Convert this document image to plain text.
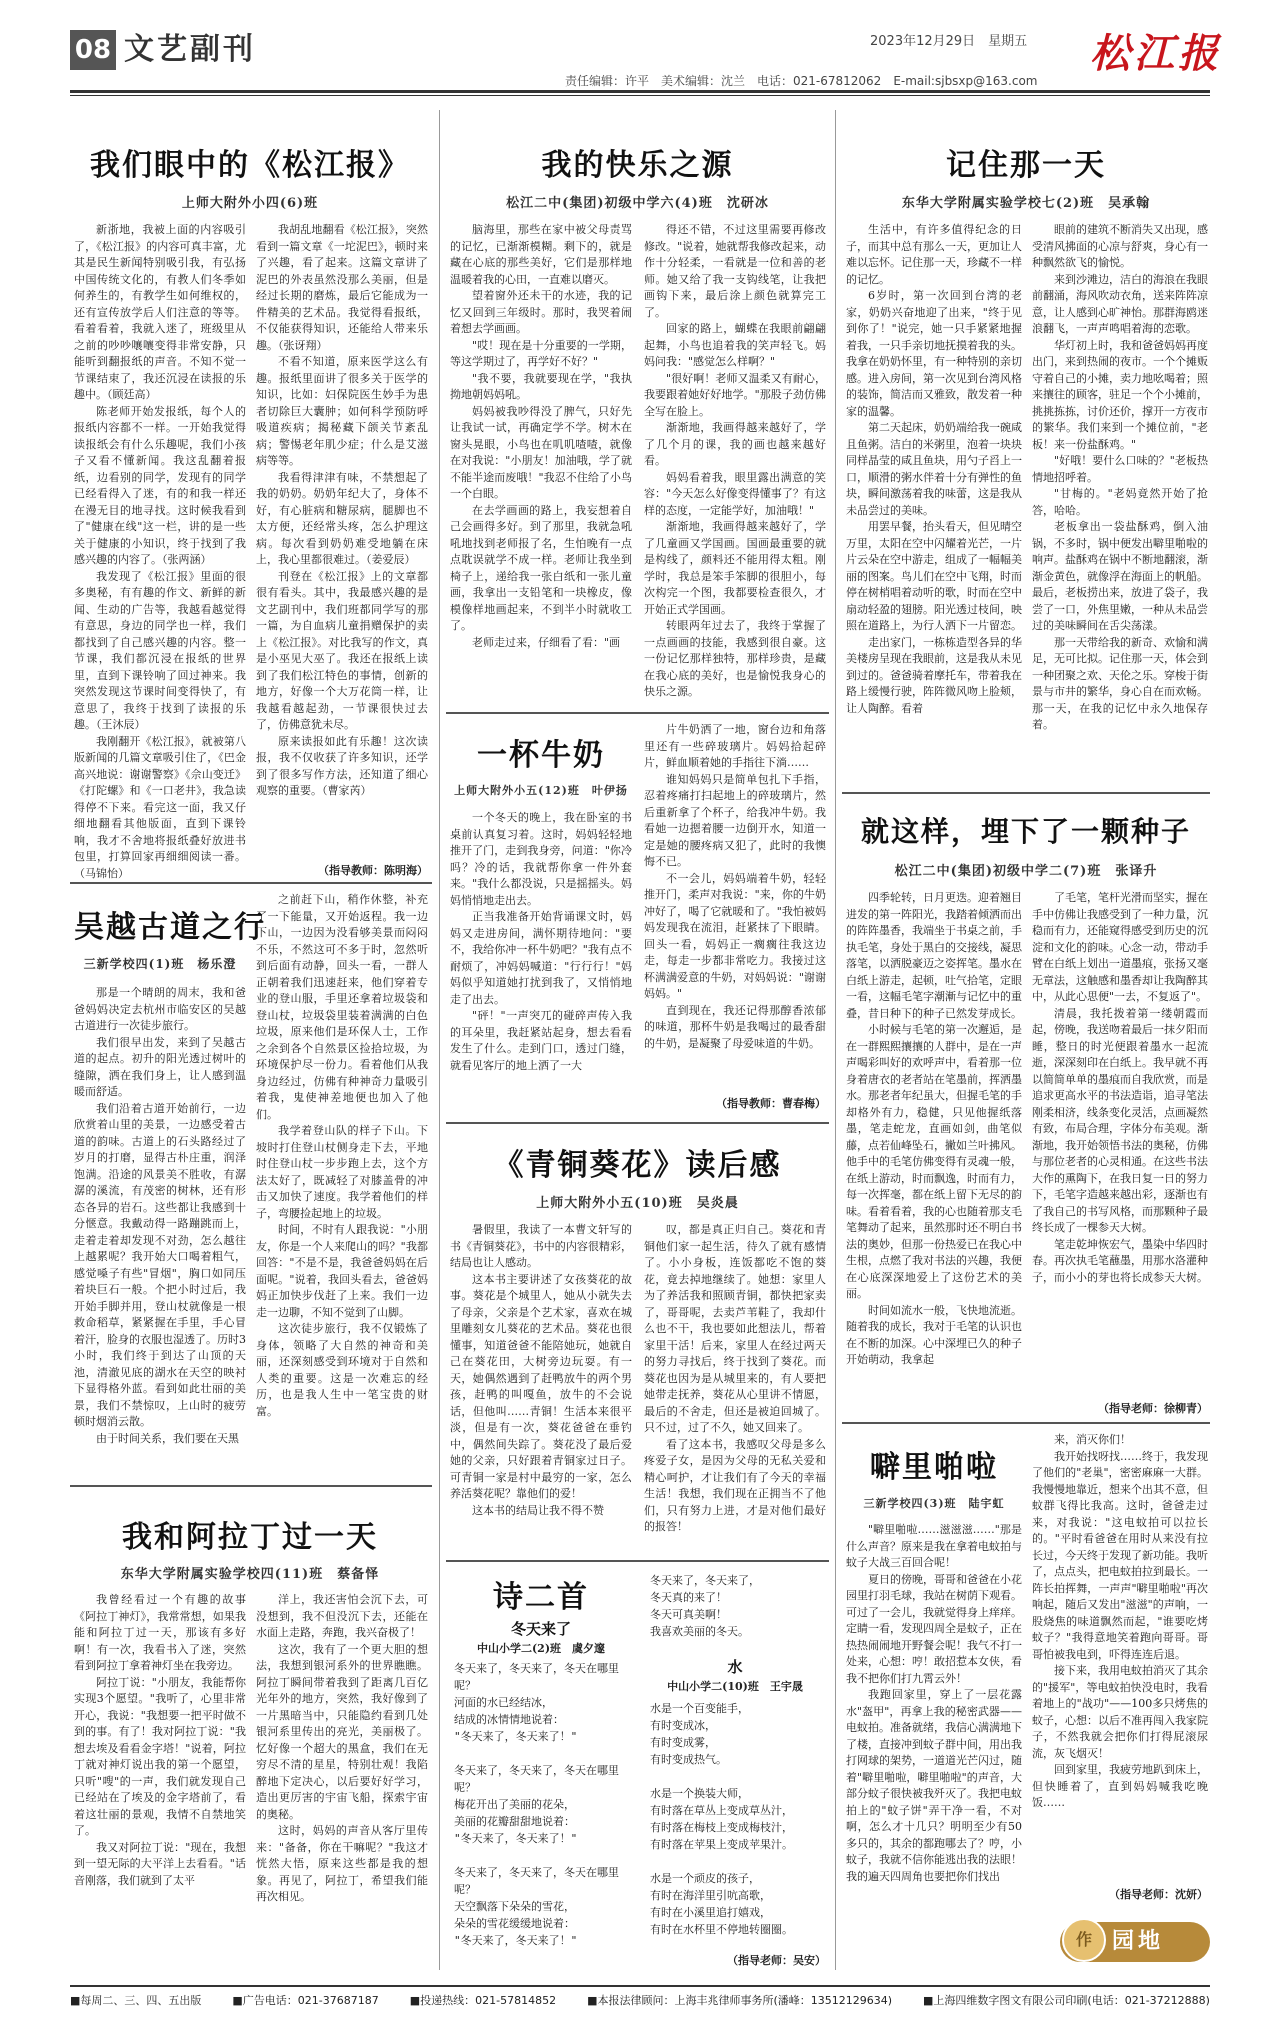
08 文艺副刊	2023年12月29日　星期五 松江报
责任编辑：许平　美术编辑：沈兰　电话：021-67812062　E-mail:sjbsxp@163.com
我们眼中的《松江报》
上师大附外小四(6)班

新浙地，我被上面的内容吸引了，《松江报》的内容可真丰富，尤其是民生新闻特别吸引我，有弘扬中国传统文化的，有教人们冬季如何养生的，有教学生如何维权的，还有宣传放学后人们注意的等等。看着看着，我就入迷了，班级里从之前的吵吵嚷嚷变得非常安静，只能听到翻报纸的声音。不知不觉一节课结束了，我还沉浸在读报的乐趣中。（顾廷高）

陈老师开始发报纸，每个人的报纸内容都不一样。一开始我觉得读报纸会有什么乐趣呢，我们小孩子又看不懂新闻。我这乱翻着报纸，边看别的同学，发现有的同学已经看得入了迷，有的和我一样还在漫无目的地寻找。这时候我看到了"健康在线"这一栏，讲的是一些关于健康的小知识，终于找到了我感兴趣的内容了。（张两涵）

我发现了《松江报》里面的很多奥秘，有有趣的作文、新鲜的新闻、生动的广告等，我越看越觉得有意思，身边的同学也一样，我们都找到了自己感兴趣的内容。整一节课，我们都沉浸在报纸的世界里，直到下课铃响了回过神来。我突然发现这节课时间变得快了，有意思了，我终于找到了读报的乐趣。（王沐辰）

我刚翻开《松江报》，就被第八版新闻的几篇文章吸引住了，《巴金高兴地说：谢谢警察》《佘山变迁》《打陀螺》和《一口老井》，我急读得停不下来。看完这一面，我又仔细地翻看其他版面，直到下课铃响，我才不舍地将报纸叠好放进书包里，打算回家再细细阅读一番。（马锦怡）

我胡乱地翻看《松江报》，突然看到一篇文章《一坨泥巴》，顿时来了兴趣，看了起来。这篇文章讲了泥巴的外表虽然没那么美丽，但是经过长期的磨炼，最后它能成为一件精美的艺术品。我觉得看报纸，不仅能获得知识，还能给人带来乐趣。（张讶翔）

不看不知道，原来医学这么有趣。报纸里面讲了很多关于医学的知识，比如：妇保院医生妙手为患者切除巨大囊肿；如何科学预防呼吸道疾病；揭秘藏下颌关节紊乱病；警惕老年肌少症；什么是艾滋病等等。

我看得津津有味，不禁想起了我的奶奶。奶奶年纪大了，身体不好，有心脏病和糖尿病，腿脚也不太方便，还经常头疼，怎么护理这病。每次看到奶奶难受地躺在床上，我心里都很难过。（姜爱辰）

刊登在《松江报》上的文章都很有看头。其中，我最感兴趣的是文艺副刊中，我们班都同学写的那一篇，为自血病儿童捐赠保护的卖上《松江报》。对比我写的作文，真是小巫见大巫了。我还在报纸上读到了我们松江特色的事情，创新的地方，好像一个大万花筒一样，让我越看越起劲，一节课很快过去了，仿佛意犹未尽。

原来读报如此有乐趣！这次读报，我不仅收获了许多知识，还学到了很多写作方法，还知道了细心观察的重要。（曹家芮）

（指导教师：陈明海）
吴越古道之行
三新学校四(1)班　杨乐澄

那是一个晴朗的周末，我和爸爸妈妈决定去杭州市临安区的吴越古道进行一次徒步旅行。

我们很早出发，来到了吴越古道的起点。初升的阳光透过树叶的缝隙，洒在我们身上，让人感到温暖而舒适。

我们沿着古道开始前行，一边欣赏着山里的美景，一边感受着古道的韵味。古道上的石头路经过了岁月的打磨，显得古朴庄重，润泽饱满。沿途的风景美不胜收，有潺潺的溪流，有茂密的树林，还有形态各异的岩石。这些都让我感到十分惬意。我戴动得一路蹦跳而上，走着走着却发现不对劲，怎么越往上越累呢？我开始大口喝着粗气，感觉嗓子有些"冒烟"，胸口如同压着块巨石一般。个把小时过后，我开始手脚并用，登山杖就像是一根救命稻草，紧紧握在手里，手心冒着汗，脸身的衣服也湿透了。历时3小时，我们终于到达了山顶的天池，清澈见底的湖水在天空的映衬下显得格外蓝。看到如此壮丽的美景，我们不禁惊叹，上山时的疲劳顿时烟消云散。

由于时间关系，我们要在天黑

之前赶下山，稍作休整，补充了一下能量，又开始返程。我一边下山，一边因为没看够美景而闷闷不乐，不然这可不多于时，忽然听到后面有动静，回头一看，一群人正朝着我们迅速赶来，他们穿着专业的登山服，手里还拿着垃圾袋和登山杖，垃圾袋里装着满满的白色垃圾，原来他们是环保人士，工作之余到各个自然景区捡拾垃圾，为环境保护尽一份力。看着他们从我身边经过，仿佛有种神奇力量吸引着我，鬼使神差地便也加入了他们。

我学着登山队的样子下山。下坡时打住登山杖侧身走下去，平地时住登山杖一步步跑上去，这个方法太好了，既减轻了对膝盖骨的冲击又加快了速度。我学着他们的样子，弯腰捡起地上的垃圾。

时间，不时有人跟我说："小朋友，你是一个人来爬山的吗？"我都回答："不是不是，我爸爸妈妈在后面呢。"说着，我回头看去，爸爸妈妈正加快步伐赶了上来。我们一边走一边聊，不知不觉到了山脚。

这次徒步旅行，我不仅锻炼了身体，领略了大自然的神奇和美丽，还深刻感受到环境对于自然和人类的重要。这是一次难忘的经历，也是我人生中一笔宝贵的财富。

我和阿拉丁过一天
东华大学附属实验学校四(11)班　蔡备怿

我曾经看过一个有趣的故事《阿拉丁神灯》，我常常想，如果我能和阿拉丁过一天，那该有多好啊！有一次，我看书入了迷，突然看到阿拉丁拿着神灯坐在我旁边。

阿拉丁说："小朋友，我能帮你实现3个愿望。"我听了，心里非常开心，我说："我想要一把平时做不到的事。有了！我对阿拉丁说："我想去埃及看看金字塔！"说着，阿拉丁就对神灯说出我的第一个愿望，只听"嗖"的一声，我们就发现自己已经站在了埃及的金字塔前了，看着这壮丽的景观，我情不自禁地笑了。

我又对阿拉丁说："现在，我想到一望无际的大平洋上去看看。"话音刚落，我们就到了太平

洋上，我还害怕会沉下去，可没想到，我不但没沉下去，还能在水面上走路，奔跑，我兴奋极了！

这次，我有了一个更大胆的想法，我想到银河系外的世界瞧瞧。阿拉丁瞬间带着我到了距离几百亿光年外的地方，突然，我好像到了一片黑暗当中，只能隐约看到几处银河系里传出的亮光，美丽极了。忆好像一个超大的黑盒，我们在无穷尽不清的星星，特别壮观！我陷醉地下定决心，以后要好好学习，造出更厉害的宇宙飞船，探索宇宙的奥秘。

这时，妈妈的声音从客厅里传来："备备，你在干嘛呢？"我这才恍然大悟，原来这些都是我的想象。再见了，阿拉丁，希望我们能再次相见。

我的快乐之源
松江二中(集团)初级中学六(4)班　沈研冰

脑海里，那些在家中被父母责骂的记忆，已渐渐模糊。剩下的，就是藏在心底的那些美好，它们是那样地温暖着我的心田，一直难以磨灭。

望着窗外还未干的水迹，我的记忆又回到三年级时。那时，我哭着闹着想去学画画。

"哎！现在是十分重要的一学期，等这学期过了，再学好不好？"

"我不要，我就要现在学，"我执拗地朝妈妈吼。

妈妈被我吵得没了脾气，只好先让我试一试，再确定学不学。树木在窗头晃眼，小鸟也在叽叽喳喳，就像在对我说："小朋友！加油哦，学了就不能半途而废哦！"我忍不住给了小鸟一个白眼。

在去学画画的路上，我妄想着自己会画得多好。到了那里，我就急吼吼地找到老师报了名，生怕晚有一点点耽误就学不成一样。老师让我坐到椅子上，递给我一张白纸和一张儿童画，我拿出一支铅笔和一块橡皮，像模像样地画起来，不到半小时就收工了。

老师走过来，仔细看了看："画

得还不错，不过这里需要再修改修改。"说着，她就帮我修改起来，动作十分轻柔，一看就是一位和善的老师。她又给了我一支钩线笔，让我把画钩下来，最后涂上颜色就算完工了。

回家的路上，蝴蝶在我眼前翩翩起舞，小鸟也追着我的笑声轻飞。妈妈问我："感觉怎么样啊？"

"很好啊！老师又温柔又有耐心，我要跟着她好好地学。"那股子劲仿佛全写在脸上。

渐渐地，我画得越来越好了，学了几个月的课，我的画也越来越好看。

妈妈看着我，眼里露出满意的笑容："今天怎么好像变得懂事了？有这样的态度，一定能学好，加油哦！"

渐渐地，我画得越来越好了，学了几童画又学国画。国画最重要的就是构线了，颜料还不能用得太粗。刚学时，我总是笨手笨脚的很胆小，每次构完一个图，我都要检查很久，才开始正式学国画。

转眼两年过去了，我终于掌握了一点画画的技能，我感到很自豪。这一份记忆那样独特，那样珍贵，是藏在我心底的美好，也是愉悦我身心的快乐之源。

一杯牛奶
上师大附外小五(12)班　叶伊扬

一个冬天的晚上，我在卧室的书桌前认真复习着。这时，妈妈轻轻地推开了门，走到我身旁，问道："你冷吗？冷的话，我就帮你拿一件外套来。"我什么都没说，只是摇摇头。妈妈悄悄地走出去。

正当我准备开始背诵课文时，妈妈又走进房间，满怀期待地问："要不，我给你冲一杯牛奶吧？"我有点不耐烦了，冲妈妈喊道："行行行！"妈妈似乎知道她打扰到我了，又悄悄地走了出去。

"砰！"一声突兀的碰碎声传入我的耳朵里，我赶紧站起身，想去看看发生了什么。走到门口，透过门缝，就看见客厅的地上洒了一大

片牛奶洒了一地，窗台边和角落里还有一些碎玻璃片。妈妈拾起碎片，鲜血顺着她的手指往下淌……

谁知妈妈只是简单包扎下手指，忍着疼痛打扫起地上的碎玻璃片，然后重新拿了个杯子，给我冲牛奶。我看她一边摁着腰一边倒开水，知道一定是她的腰疼病又犯了，此时的我懊悔不已。

不一会儿，妈妈端着牛奶，轻轻推开门，柔声对我说："来，你的牛奶冲好了，喝了它就暖和了。"我怕被妈妈发现我在流泪，赶紧抹了下眼睛。回头一看，妈妈正一瘸瘸往我这边走，每走一步都非常吃力。我接过这杯满满爱意的牛奶，对妈妈说："谢谢妈妈。"

直到现在，我还记得那醇香浓郁的味道，那杯牛奶是我喝过的最香甜的牛奶，是凝聚了母爱味道的牛奶。

（指导教师：曹春梅）
《青铜葵花》读后感
上师大附外小五(10)班　吴炎晨

暑假里，我读了一本曹文轩写的书《青铜葵花》，书中的内容很精彩，结局也让人感动。

这本书主要讲述了女孩葵花的故事。葵花是个城里人，她从小就失去了母亲，父亲是个艺术家，喜欢在城里雕刻女儿葵花的艺术品。葵花也很懂事，知道爸爸不能陪她玩，她就自己在葵花田，大树旁边玩耍。有一天，她偶然遇到了赶鸭放牛的两个男孩，赶鸭的叫嘎鱼，放牛的不会说话，但他叫……青铜！生活本来很平淡，但是有一次，葵花爸爸在垂钓中，偶然间失踪了。葵花没了最后爱她的父亲，只好跟着青铜家过日子。可青铜一家是村中最穷的一家，怎么养活葵花呢？靠他们的爱！

这本书的结局让我不得不赞

叹，都是真正归自己。葵花和青铜他们家一起生活，待久了就有感情了。小小身板，连饭都吃不饱的葵花，竟去掉地继续了。她想：家里人为了养活我和照顾青铜，都快把家卖了，哥哥呢，去卖芦苇鞋了，我却什么也不干，我也要如此想法儿，帮着家里干活！后来，家里人在经过两天的努力寻找后，终于找到了葵花。而葵花也因为是从城里来的，有人要把她带走抚养，葵花从心里讲不情愿，最后的不舍走，但还是被迫回城了。只不过，过了不久，她又回来了。

看了这本书，我感叹父母是多么疼爱子女，是因为父母的无私关爱和精心呵护，才让我们有了今天的幸福生活！我想，我们现在正拥当不了他们，只有努力上进，才是对他们最好的报答！

诗二首
冬天来了
中山小学二(2)班　虞夕邃
冬天来了，冬天来了，冬天在哪里呢？
河面的水已经结冰，
结成的冰情情地说着：
"冬天来了，冬天来了！"

冬天来了，冬天来了，冬天在哪里呢？
梅花开出了美丽的花朵，
美丽的花瓣甜甜地说着：
"冬天来了，冬天来了！"

冬天来了，冬天来了，冬天在哪里呢？
天空飘落下朵朵的雪花，
朵朵的雪花缓缓地说着：
"冬天来了，冬天来了！"
冬天来了，冬天来了，
冬天真的来了！
冬天可真美啊！
我喜欢美丽的冬天。
水
中山小学二(10)班　王宇晟
水是一个百变能手，
有时变成冰，
有时变成雾，
有时变成热气。

水是一个换装大师，
有时落在草丛上变成草丛汁，
有时落在梅枝上变成梅枝汁，
有时落在苹果上变成苹果汁。

水是一个顽皮的孩子，
有时在海洋里引吭高歌，
有时在小溪里追打嬉戏，
有时在水杯里不停地转圈圈。
（指导老师：吴安）
记住那一天
东华大学附属实验学校七(2)班　吴承翰

生活中，有许多值得纪念的日子，而其中总有那么一天，更加让人难以忘怀。记住那一天，珍藏不一样的记忆。

6岁时，第一次回到台湾的老家，奶奶兴奋地迎了出来，"终于见到你了！"说完，她一只手紧紧地握着我，一只手亲切地抚摸着我的头。我拿在奶奶怀里，有一种特别的亲切感。进入房间，第一次见到台湾风格的装饰，简洁而又雅致，散发着一种家的温馨。

第二天起床，奶奶端给我一碗咸且鱼粥。洁白的米粥里，泡着一块块同样晶莹的咸且鱼块，用勺子舀上一口，顺滑的粥水伴着十分有弹性的鱼块，瞬间激荡着我的味蕾，这是我从未品尝过的美味。

用罢早餐，抬头看天，但见晴空万里，太阳在空中闪耀着光芒，一片片云朵在空中游走，组成了一幅幅美丽的图案。鸟儿们在空中飞翔，时而停在树梢唱着动听的歌，时而在空中扇动轻盈的翅膀。阳光透过枝间，映照在道路上，为行人洒下一片留恋。

走出家门，一栋栋造型各异的华美楼房呈现在我眼前，这是我从未见到过的。爸爸骑着摩托车，带着我在路上缓慢行驶，阵阵微风吻上脸颊，让人陶醉。看着

眼前的建筑不断消失又出现，感受清风拂面的心凉与舒爽，身心有一种飘然欲飞的愉悦。

来到沙滩边，洁白的海浪在我眼前翻涌，海风吹动衣角，送来阵阵凉意，让人感到心旷神怡。那群海鸥迷浪翻飞，一声声鸣唱着海的恋歌。

华灯初上时，我和爸爸妈妈再度出门，来到热闹的夜市。一个个摊贩守着自己的小摊，卖力地吆喝着；照来攘往的顾客，驻足一个个小摊前，挑挑拣拣，讨价还价，撑开一方夜市的繁华。我们来到一个摊位前，"老板！来一份盐酥鸡。"

"好哦！要什么口味的？"老板热情地招呼着。

"甘梅的。"老妈竟然开始了抢答，哈哈。

老板拿出一袋盐酥鸡，倒入油锅，不多时，锅中便发出噼里啪啦的响声。盐酥鸡在锅中不断地翻滚，渐渐金黄色，就像浮在海面上的帆船。最后，老板捞出来，放进了袋子，我尝了一口，外焦里嫩，一种从未品尝过的美味瞬间在舌尖荡漾。

那一天带给我的新奇、欢愉和满足，无可比拟。记住那一天，体会到一种团聚之欢、天伦之乐。穿梭于街景与市井的繁华，身心自在而欢畅。那一天，在我的记忆中永久地保存着。

就这样，埋下了一颗种子
松江二中(集团)初级中学二(7)班　张译升

四季轮转，日月更迭。迎着翘目进发的第一阵阳光，我踏着倾洒而出的阵阵墨香，我端坐于书桌之前，手执毛笔，身处于黑白的交接线，凝思落笔，以洒脱豪迈之姿挥笔。墨水在白纸上游走，起顿，吐气拾笔，定眼一看，这幅毛笔字潮漸与记忆中的重叠，昔日种下的种子已然发芽成长。

小时候与毛笔的第一次邂逅，是在一群熙熙攘攘的人群中，是在一声声喝彩叫好的欢呼声中，看着那一位身着唐衣的老者站在笔墨前，挥洒墨水。那老者年纪虽大，但握毛笔的手却格外有力，稳健，只见他握纸落墨，笔走蛇龙，直画如剑，曲笔似藤，点若仙峰坠石，撇如兰叶拂风。他手中的毛笔仿佛变得有灵魂一般，在纸上游动，时而飘逸，时而有力，每一次挥毫，都在纸上留下无尽的韵味。看着看着，我的心也随着那支毛笔舞动了起来，虽然那时还不明白书法的奥妙，但那一份热爱已在我心中生根，点燃了我对书法的兴趣，我便在心底深深地爱上了这份艺术的美丽。

时间如流水一般，飞快地流逝。随着我的成长，我对于毛笔的认识也在不断的加深。心中深埋已久的种子开始萌动，我拿起

了毛笔，笔杆光滑而坚实，握在手中仿佛让我感受到了一种力量，沉稳而有力，还能窥得感受到历史的沉淀和文化的韵味。心念一动，带动手臂在白纸上划出一道墨痕，张扬又毫无章法，这触感和墨香却让我陶醉其中，从此心思便"一去，不复返了"。

清晨，我托拨着第一缕朝霞而起，傍晚，我送吻着最后一抹夕阳而睡，整日的时光便跟着墨水一起流逝，深深刻印在白纸上。我早就不再以简简单单的墨痕而自我欣赏，而是追求更高水平的书法造诣，追寻笔法刚柔相济，线条变化灵活，点画凝然有致，布局合理，字体分布美观。渐渐地，我开始领悟书法的奥秘，仿佛与那位老者的心灵相通。在这些书法大作的熏陶下，在我日复一日的努力下，毛笔字造越来越出彩，逐渐也有了我自己的书写风格，而那颗种子最终长成了一棵参天大树。

笔走乾坤恢宏气，墨染中华四时春。再次执毛笔蘸墨，用那水洛灌种子，而小小的芽也将长成参天大树。

（指导老师：徐柳青）
噼里啪啦
三新学校四(3)班　陆宇虹

"噼里啪啦……滋滋滋……"那是什么声音？原来是我在拿着电蚊拍与蚊子大战三百回合呢！

夏日的傍晚，哥哥和爸爸在小花园里打羽毛球，我站在树荫下观看。可过了一会儿，我就觉得身上痒痒。定睛一看，发现四周全是蚊子，正在热热闹闹地开野餐会呢！我气不打一处来，心想：哼！敢招惹本女侠，看我不把你们打九霄云外！

我跑回家里，穿上了一层花露水"盔甲"，再拿上我的秘密武器——电蚊拍。准备就绪，我信心满满地下了楼，直接冲到蚊子群中间，用出我打网球的架势，一道道光芒闪过，随着"噼里啪啦，噼里啪啦"的声音，大部分蚊子很快被我歼灭了。我把电蚊拍上的"蚊子饼"弄干净一看，不对啊，怎么才十几只？明明至少有50多只的，其余的都跑哪去了？哼，小蚊子，我就不信你能逃出我的法眼！我的遍天四周角也要把你们找出

来，消灭你们！

我开始找呀找……终于，我发现了他们的"老巢"，密密麻麻一大群。我慢慢地靠近，想来个出其不意，但蚊群飞得比我高。这时，爸爸走过来，对我说："这电蚊拍可以拉长的。"平时看爸爸在用时从来没有拉长过，今天终于发现了新功能。我听了，点点头，把电蚊拍拉到最长。一阵长拍挥舞，一声声"噼里啪啦"再次响起，随后又发出"滋滋"的声响，一股烧焦的味道飘然而起，"谁要吃烤蚊子？"我得意地笑着跑向哥哥。哥哥怕被我电到，吓得连连后退。

接下来，我用电蚊拍消灭了其余的"援军"，等电蚊拍快没电时，我看着地上的"战功"——100多只烤焦的蚊子，心想：以后不准再闯入我家院子，不然我就会把你们打得屁滚尿流，灰飞烟灭！

回到家里，我疲劳地趴到床上，但快睡着了，直到妈妈喊我吃晚饭……

（指导老师：沈妍）
作 园地
■每周二、三、四、五出版	■广告电话：021-37687187	■投递热线：021-57814852	■本报法律顾问：上海丰兆律师事务所(潘峰：13512129634)	■上海四维数字图文有限公司印刷(电话：021-37212888)
